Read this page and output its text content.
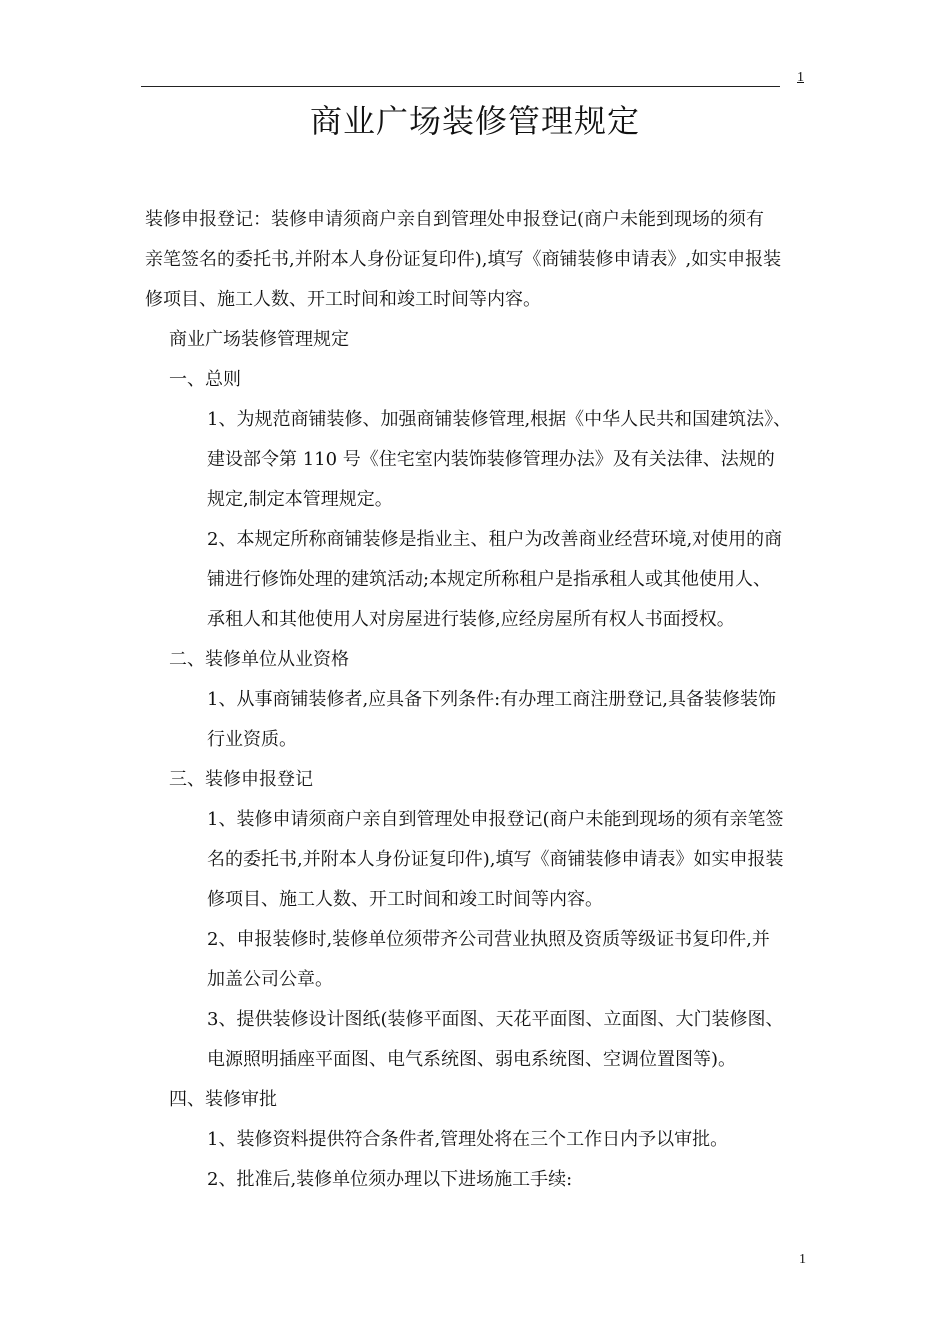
1
商业广场装修管理规定
装修申报登记：装修申请须商户亲自到管理处申报登记(商户未能到现场的须有
亲笔签名的委托书,并附本人身份证复印件),填写《商铺装修申请表》,如实申报装
修项目、施工人数、开工时间和竣工时间等内容。
商业广场装修管理规定
一、总则
1、为规范商铺装修、加强商铺装修管理,根据《中华人民共和国建筑法》、
建设部令第 110 号《住宅室内装饰装修管理办法》及有关法律、法规的
规定,制定本管理规定。
2、本规定所称商铺装修是指业主、租户为改善商业经营环境,对使用的商
铺进行修饰处理的建筑活动;本规定所称租户是指承租人或其他使用人、
承租人和其他使用人对房屋进行装修,应经房屋所有权人书面授权。
二、装修单位从业资格
1、从事商铺装修者,应具备下列条件:有办理工商注册登记,具备装修装饰
行业资质。
三、装修申报登记
1、装修申请须商户亲自到管理处申报登记(商户未能到现场的须有亲笔签
名的委托书,并附本人身份证复印件),填写《商铺装修申请表》如实申报装
修项目、施工人数、开工时间和竣工时间等内容。
2、申报装修时,装修单位须带齐公司营业执照及资质等级证书复印件,并
加盖公司公章。
3、提供装修设计图纸(装修平面图、天花平面图、立面图、大门装修图、
电源照明插座平面图、电气系统图、弱电系统图、空调位置图等)。
四、装修审批
1、装修资料提供符合条件者,管理处将在三个工作日内予以审批。
2、批准后,装修单位须办理以下进场施工手续:
1
